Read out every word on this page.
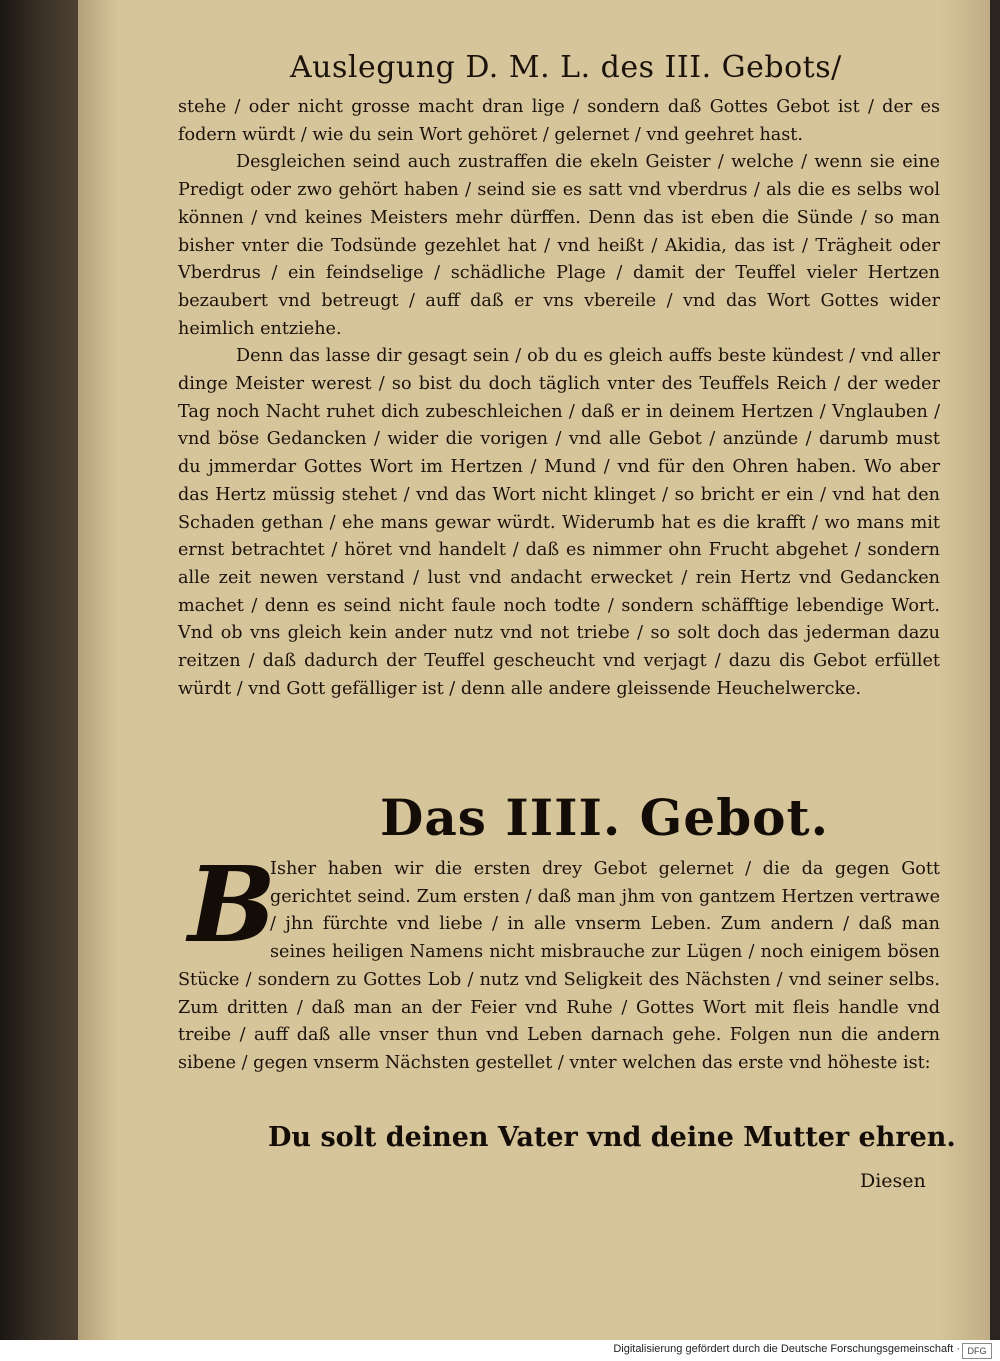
Auslegung D. M. L. des III. Gebots/

stehe / oder nicht grosse macht dran lige / sondern daß Gottes Gebot ist / der es fodern würdt / wie du sein Wort gehöret / gelernet / vnd geehret hast.

Desgleichen seind auch zustraffen die ekeln Geister / welche / wenn sie eine Predigt oder zwo gehört haben / seind sie es satt vnd vberdrus / als die es selbs wol können / vnd keines Meisters mehr dürffen. Denn das ist eben die Sünde / so man bisher vnter die Todsünde gezehlet hat / vnd heißt / Akidia, das ist / Trägheit oder Vberdrus / ein feindselige / schädliche Plage / damit der Teuffel vieler Hertzen bezaubert vnd betreugt / auff daß er vns vbereile / vnd das Wort Gottes wider heimlich entziehe.

Denn das lasse dir gesagt sein / ob du es gleich auffs beste kündest / vnd aller dinge Meister werest / so bist du doch täglich vnter des Teuffels Reich / der weder Tag noch Nacht ruhet dich zubeschleichen / daß er in deinem Hertzen / Vnglauben / vnd böse Gedancken / wider die vorigen / vnd alle Gebot / anzünde / darumb must du jmmerdar Gottes Wort im Hertzen / Mund / vnd für den Ohren haben. Wo aber das Hertz müssig stehet / vnd das Wort nicht klinget / so bricht er ein / vnd hat den Schaden gethan / ehe mans gewar würdt. Widerumb hat es die krafft / wo mans mit ernst betrachtet / höret vnd handelt / daß es nimmer ohn Frucht abgehet / sondern alle zeit newen verstand / lust vnd andacht erwecket / rein Hertz vnd Gedancken machet / denn es seind nicht faule noch todte / sondern schäfftige lebendige Wort. Vnd ob vns gleich kein ander nutz vnd not triebe / so solt doch das jederman dazu reitzen / daß dadurch der Teuffel gescheucht vnd verjagt / dazu dis Gebot erfüllet würdt / vnd Gott gefälliger ist / denn alle andere gleissende Heuchelwercke.

Das IIII. Gebot.
B
Isher haben wir die ersten drey Gebot gelernet / die da gegen Gott gerichtet seind. Zum ersten / daß man jhm von gantzem Hertzen vertrawe / jhn fürchte vnd liebe / in alle vnserm Leben. Zum andern / daß man seines heiligen Namens nicht misbrauche zur Lügen / noch einigem bösen Stücke / sondern zu Gottes Lob / nutz vnd Seligkeit des Nächsten / vnd seiner selbs. Zum dritten / daß man an der Feier vnd Ruhe / Gottes Wort mit fleis handle vnd treibe / auff daß alle vnser thun vnd Leben darnach gehe. Folgen nun die andern sibene / gegen vnserm Nächsten gestellet / vnter welchen das erste vnd höheste ist:
Du solt deinen Vater vnd deine Mutter ehren.
Diesen
Digitalisierung gefördert durch die Deutsche Forschungsgemeinschaft · DFG
